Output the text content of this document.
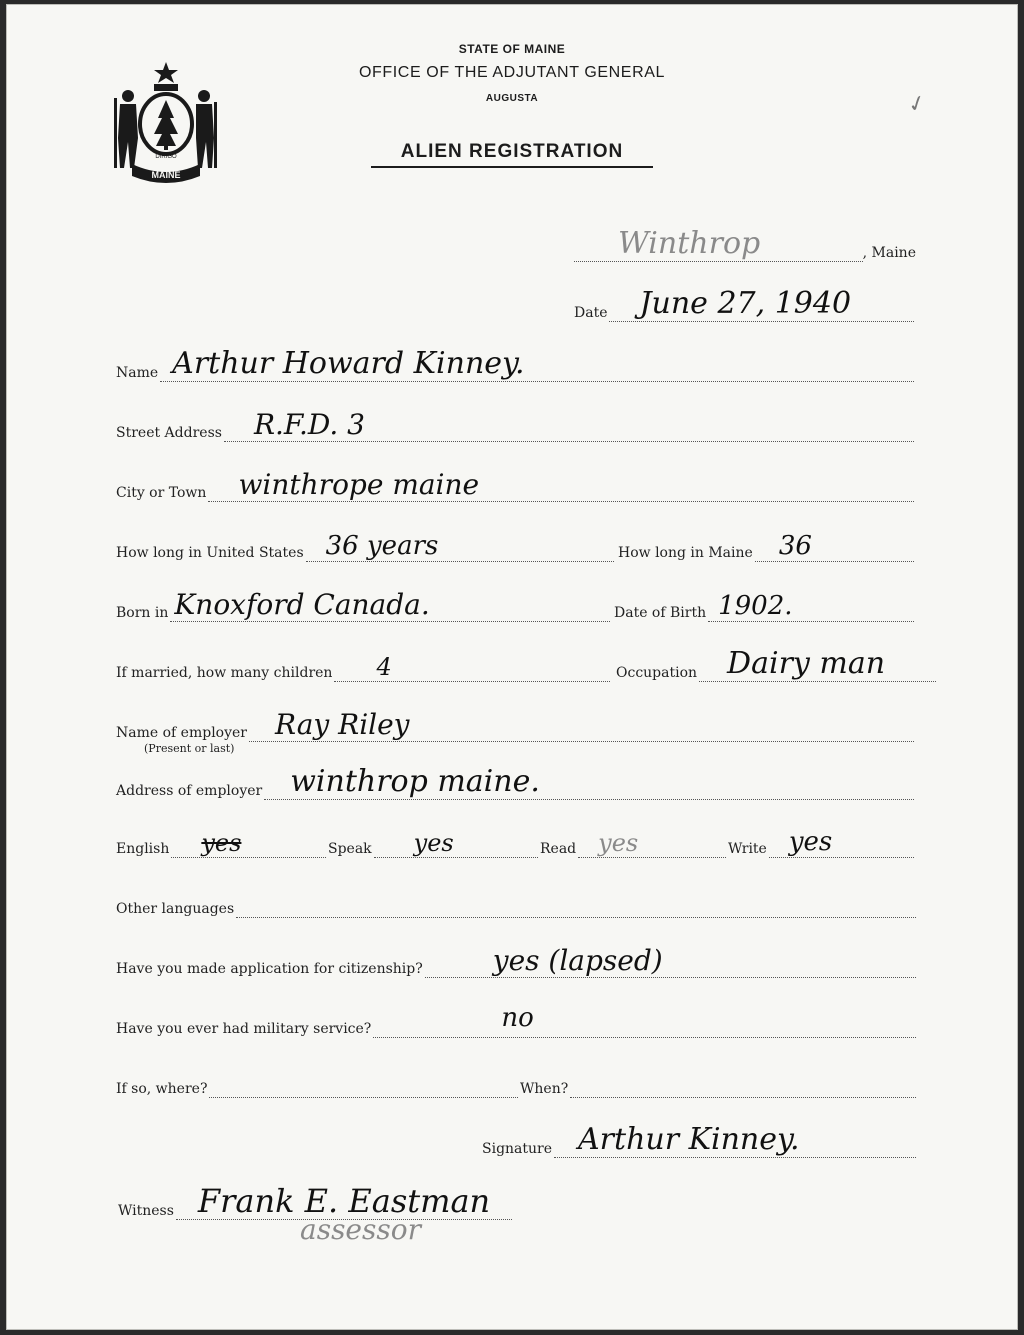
MAINE
DIRIGO
STATE OF MAINE
OFFICE OF THE ADJUTANT GENERAL
AUGUSTA
ALIEN REGISTRATION
✓
Winthrop	, Maine
Date June 27, 1940
Name Arthur Howard Kinney.
Street Address R.F.D. 3
City or Town winthrope maine
How long in United States 36 years	How long in Maine 36
Born in Knoxford Canada.	Date of Birth 1902.
If married, how many children 4	Occupation Dairy man
Name of employer
(Present or last)
Ray Riley
Address of employer winthrop maine.
English yes	Speak yes	Read yes	Write yes
Other languages
Have you made application for citizenship?	yes (lapsed)
Have you ever had military service?	no
If so, where?	When?
Signature Arthur Kinney.
Witness Frank E. Eastman
assessor
